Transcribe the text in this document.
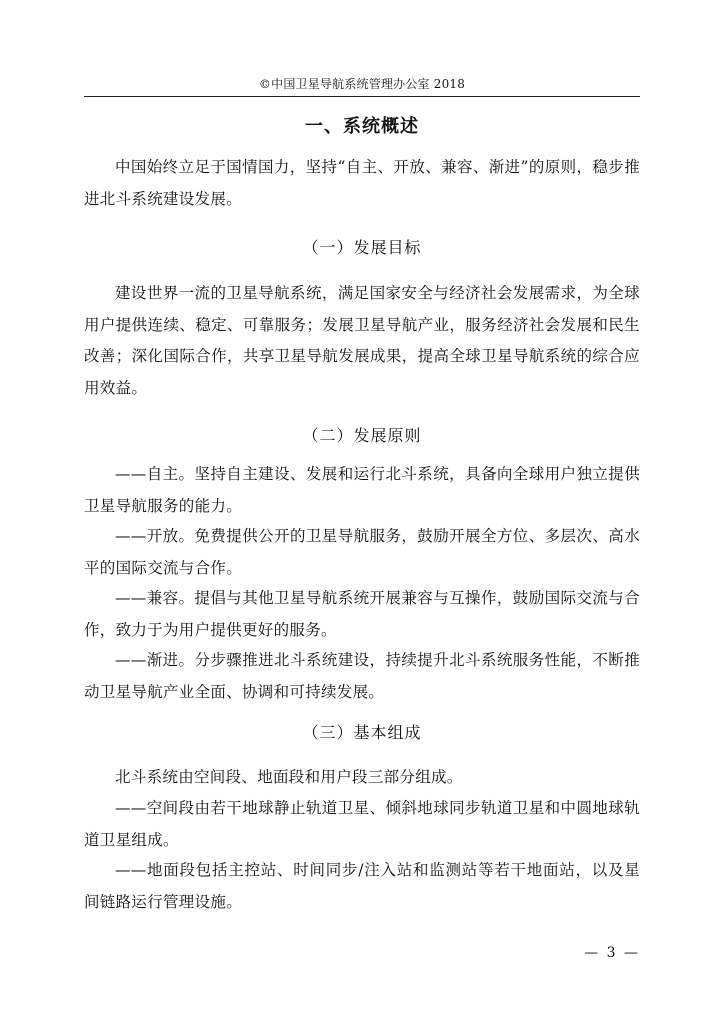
©中国卫星导航系统管理办公室 2018
一、系统概述

中国始终立足于国情国力，坚持“自主、开放、兼容、渐进”的原则，稳步推进北斗系统建设发展。

（一）发展目标

建设世界一流的卫星导航系统，满足国家安全与经济社会发展需求，为全球用户提供连续、稳定、可靠服务；发展卫星导航产业，服务经济社会发展和民生改善；深化国际合作，共享卫星导航发展成果，提高全球卫星导航系统的综合应用效益。

（二）发展原则

——自主。坚持自主建设、发展和运行北斗系统，具备向全球用户独立提供卫星导航服务的能力。

——开放。免费提供公开的卫星导航服务，鼓励开展全方位、多层次、高水平的国际交流与合作。

——兼容。提倡与其他卫星导航系统开展兼容与互操作，鼓励国际交流与合作，致力于为用户提供更好的服务。

——渐进。分步骤推进北斗系统建设，持续提升北斗系统服务性能，不断推动卫星导航产业全面、协调和可持续发展。

（三）基本组成

北斗系统由空间段、地面段和用户段三部分组成。

——空间段由若干地球静止轨道卫星、倾斜地球同步轨道卫星和中圆地球轨道卫星组成。

——地面段包括主控站、时间同步/注入站和监测站等若干地面站，以及星间链路运行管理设施。

— 3 —
